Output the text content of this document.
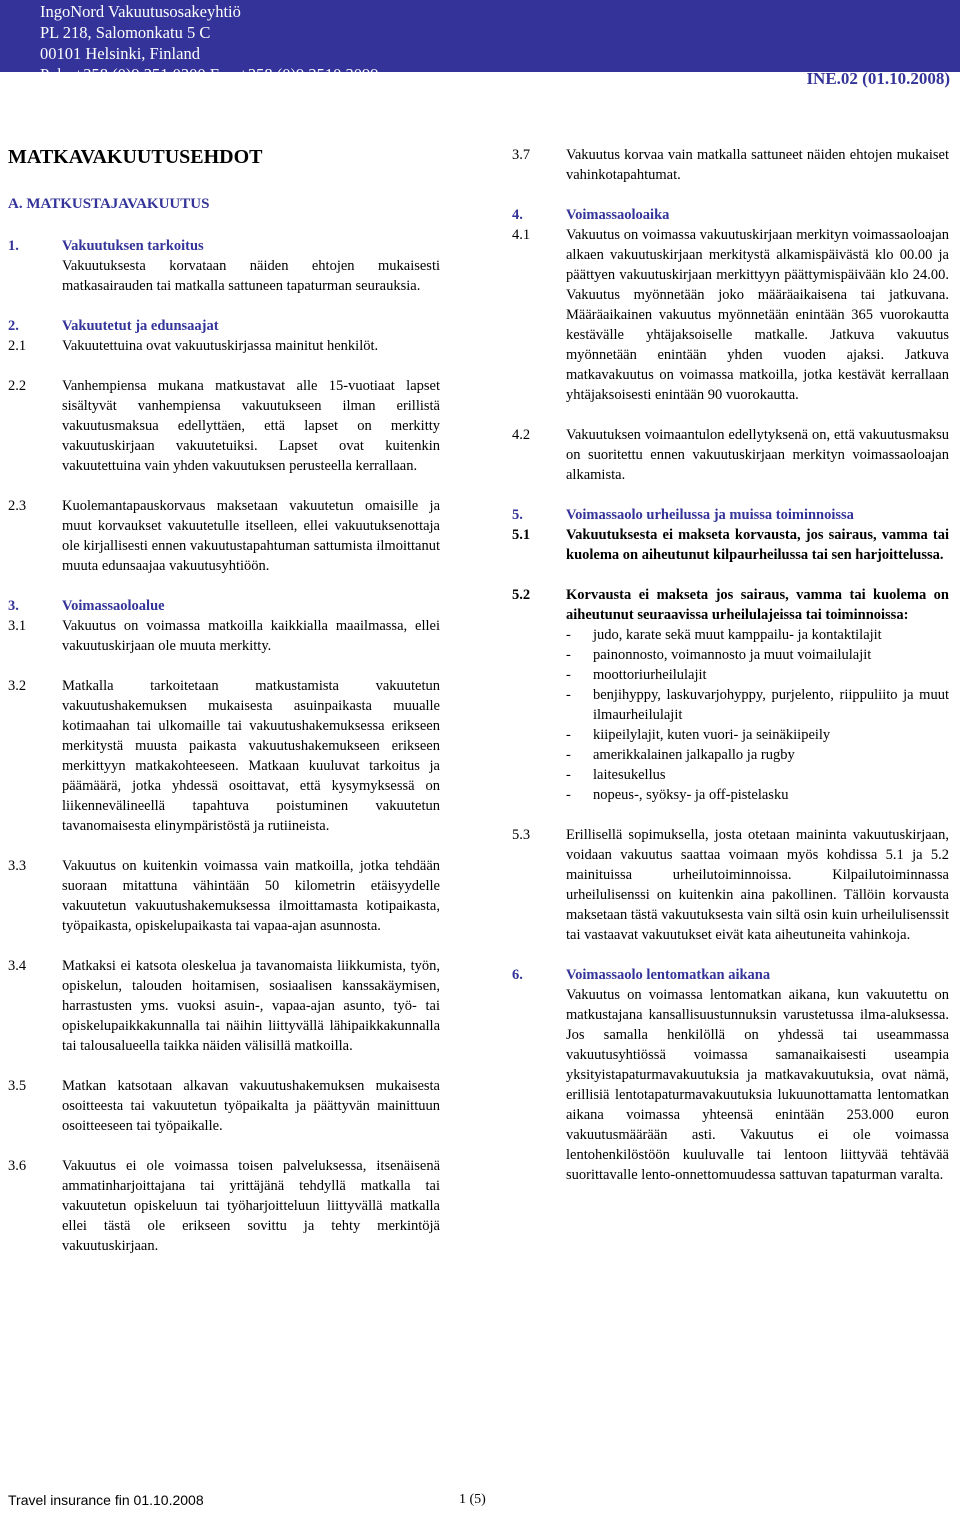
IngoNord Vakuutusosakeyhtiö
PL 218, Salomonkatu 5 C
00101 Helsinki, Finland
Puh. +358 (0)9 251 0300 Fax +358 (0)9 2510 3099	INE.02 (01.10.2008)
MATKAVAKUUTUSEHDOT
A. MATKUSTAJAVAKUUTUS
1.	Vakuutuksen tarkoitus
Vakuutuksesta korvataan näiden ehtojen mukaisesti matkasairauden tai matkalla sattuneen tapaturman seurauksia.
2.	Vakuutetut ja edunsaajat
2.1	Vakuutettuina ovat vakuutuskirjassa mainitut henkilöt.
2.2	Vanhempiensa mukana matkustavat alle 15-vuotiaat lapset sisältyvät vanhempiensa vakuutukseen ilman erillistä vakuutusmaksua edellyttäen, että lapset on merkitty vakuutuskirjaan vakuutetuiksi. Lapset ovat kuitenkin vakuutettuina vain yhden vakuutuksen perusteella kerrallaan.
2.3	Kuolemantapauskorvaus maksetaan vakuutetun omaisille ja muut korvaukset vakuutetulle itselleen, ellei vakuutuksenottaja ole kirjallisesti ennen vakuutustapahtuman sattumista ilmoittanut muuta edunsaajaa vakuutusyhtiöön.
3.	Voimassaoloalue
3.1	Vakuutus on voimassa matkoilla kaikkialla maailmassa, ellei vakuutuskirjaan ole muuta merkitty.
3.2	Matkalla tarkoitetaan matkustamista vakuutetun vakuutushakemuksen mukaisesta asuinpaikasta muualle kotimaahan tai ulkomaille tai vakuutushakemuksessa erikseen merkitystä muusta paikasta vakuutushakemukseen erikseen merkittyyn matkakohteeseen. Matkaan kuuluvat tarkoitus ja päämäärä, jotka yhdessä osoittavat, että kysymyksessä on liikennevälineellä tapahtuva poistuminen vakuutetun tavanomaisesta elinympäristöstä ja rutiineista.
3.3	Vakuutus on kuitenkin voimassa vain matkoilla, jotka tehdään suoraan mitattuna vähintään 50 kilometrin etäisyydelle vakuutetun vakuutushakemuksessa ilmoittamasta kotipaikasta, työpaikasta, opiskelupaikasta tai vapaa-ajan asunnosta.
3.4	Matkaksi ei katsota oleskelua ja tavanomaista liikkumista, työn, opiskelun, talouden hoitamisen, sosiaalisen kanssakäymisen, harrastusten yms. vuoksi asuin-, vapaa-ajan asunto, työ- tai opiskelupaikkakunnalla tai näihin liittyvällä lähipaikkakunnalla tai talousalueella taikka näiden välisillä matkoilla.
3.5	Matkan katsotaan alkavan vakuutushakemuksen mukaisesta osoitteesta tai vakuutetun työpaikalta ja päättyvän mainittuun osoitteeseen tai työpaikalle.
3.6	Vakuutus ei ole voimassa toisen palveluksessa, itsenäisenä ammatinharjoittajana tai yrittäjänä tehdyllä matkalla tai vakuutetun opiskeluun tai työharjoitteluun liittyvällä matkalla ellei tästä ole erikseen sovittu ja tehty merkintöjä vakuutuskirjaan.
3.7	Vakuutus korvaa vain matkalla sattuneet näiden ehtojen mukaiset vahinkotapahtumat.
4.	Voimassaoloaika
4.1	Vakuutus on voimassa vakuutuskirjaan merkityn voimassaoloajan alkaen vakuutuskirjaan merkitystä alkamispäivästä klo 00.00 ja päättyen vakuutuskirjaan merkittyyn päättymispäivään klo 24.00. Vakuutus myönnetään joko määräaikaisena tai jatkuvana. Määräaikainen vakuutus myönnetään enintään 365 vuorokautta kestävälle yhtäjaksoiselle matkalle. Jatkuva vakuutus myönnetään enintään yhden vuoden ajaksi. Jatkuva matkavakuutus on voimassa matkoilla, jotka kestävät kerrallaan yhtäjaksoisesti enintään 90 vuorokautta.
4.2	Vakuutuksen voimaantulon edellytyksenä on, että vakuutusmaksu on suoritettu ennen vakuutuskirjaan merkityn voimassaoloajan alkamista.
5.	Voimassaolo urheilussa ja muissa toiminnoissa
5.1	Vakuutuksesta ei makseta korvausta, jos sairaus, vamma tai kuolema on aiheutunut kilpaurheilussa tai sen harjoittelussa.
5.2	Korvausta ei makseta jos sairaus, vamma tai kuolema on aiheutunut seuraavissa urheilulajeissa tai toiminnoissa:
-	judo, karate sekä muut kamppailu- ja kontaktilajit
-	painonnosto, voimannosto ja muut voimailulajit
-	moottoriurheilulajit
-	benjihyppy, laskuvarjohyppy, purjelento, riippuliito ja muut ilmaurheilulajit
-	kiipeilylajit, kuten vuori- ja seinäkiipeily
-	amerikkalainen jalkapallo ja rugby
-	laitesukellus
-	nopeus-, syöksy- ja off-pistelasku
5.3	Erillisellä sopimuksella, josta otetaan maininta vakuutuskirjaan, voidaan vakuutus saattaa voimaan myös kohdissa 5.1 ja 5.2 mainituissa urheilutoiminnoissa. Kilpailutoiminnassa urheilulisenssi on kuitenkin aina pakollinen. Tällöin korvausta maksetaan tästä vakuutuksesta vain siltä osin kuin urheilulisenssit tai vastaavat vakuutukset eivät kata aiheutuneita vahinkoja.
6.	Voimassaolo lentomatkan aikana
Vakuutus on voimassa lentomatkan aikana, kun vakuutettu on matkustajana kansallisuustunnuksin varustetussa ilma-aluksessa. Jos samalla henkilöllä on yhdessä tai useammassa vakuutusyhtiössä voimassa samanaikaisesti useampia yksityistapaturmavakuutuksia ja matkavakuutuksia, ovat nämä, erillisiä lentotapaturmavakuutuksia lukuunottamatta lentomatkan aikana voimassa yhteensä enintään 253.000 euron vakuutusmäärään asti. Vakuutus ei ole voimassa lentohenkilöstöön kuuluvalle tai lentoon liittyvää tehtävää suorittavalle lento-onnettomuudessa sattuvan tapaturman varalta.
Travel insurance fin 01.10.2008	1 (5)
